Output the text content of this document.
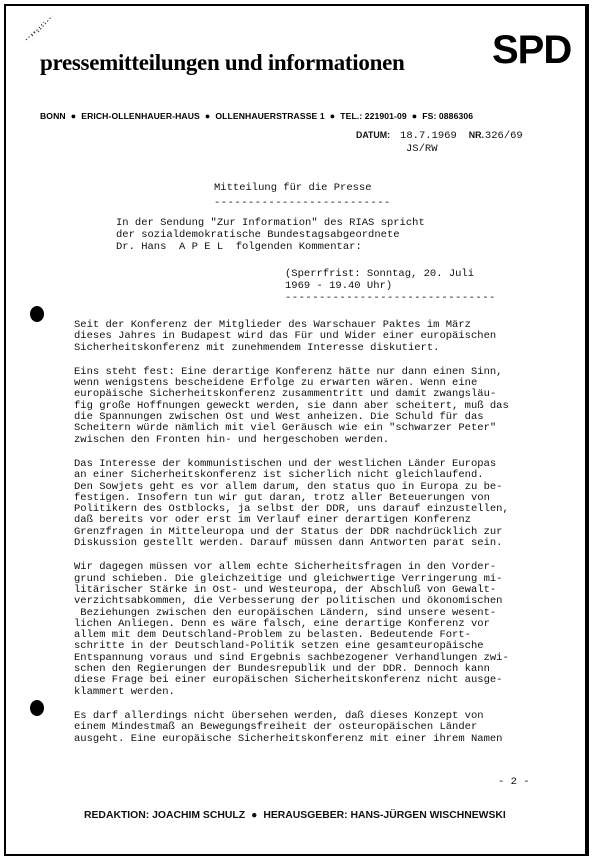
pressemitteilungen und informationen SPD
BONN ● ERICH-OLLENHAUER-HAUS ● OLLENHAUERSTRASSE 1 ● TEL.: 221901-09 ● FS: 0886306
DATUM: 18.7.1969 NR.326/69
JS/RW
Mitteilung für die Presse
--------------------------
In der Sendung "Zur Information" des RIAS spricht
der sozialdemokratische Bundestagsabgeordnete
Dr. Hans  A P E L  folgenden Kommentar:
(Sperrfrist: Sonntag, 20. Juli
1969 - 19.40 Uhr)
-------------------------------

Seit der Konferenz der Mitglieder des Warschauer Paktes im März
dieses Jahres in Budapest wird das Für und Wider einer europäischen
Sicherheitskonferenz mit zunehmendem Interesse diskutiert.

Eins steht fest: Eine derartige Konferenz hätte nur dann einen Sinn,
wenn wenigstens bescheidene Erfolge zu erwarten wären. Wenn eine
europäische Sicherheitskonferenz zusammentritt und damit zwangsläu-
fig große Hoffnungen geweckt werden, sie dann aber scheitert, muß das
die Spannungen zwischen Ost und West anheizen. Die Schuld für das
Scheitern würde nämlich mit viel Geräusch wie ein "schwarzer Peter"
zwischen den Fronten hin- und hergeschoben werden.

Das Interesse der kommunistischen und der westlichen Länder Europas
an einer Sicherheitskonferenz ist sicherlich nicht gleichlaufend.
Den Sowjets geht es vor allem darum, den status quo in Europa zu be-
festigen. Insofern tun wir gut daran, trotz aller Beteuerungen von
Politikern des Ostblocks, ja selbst der DDR, uns darauf einzustellen,
daß bereits vor oder erst im Verlauf einer derartigen Konferenz
Grenzfragen in Mitteleuropa und der Status der DDR nachdrücklich zur
Diskussion gestellt werden. Darauf müssen dann Antworten parat sein.

Wir dagegen müssen vor allem echte Sicherheitsfragen in den Vorder-
grund schieben. Die gleichzeitige und gleichwertige Verringerung mi-
litärischer Stärke in Ost- und Westeuropa, der Abschluß von Gewalt-
verzichtsabkommen, die Verbesserung der politischen und ökonomischen
Beziehungen zwischen den europäischen Ländern, sind unsere wesent-
lichen Anliegen. Denn es wäre falsch, eine derartige Konferenz vor
allem mit dem Deutschland-Problem zu belasten. Bedeutende Fort-
schritte in der Deutschland-Politik setzen eine gesamteuropäische
Entspannung voraus und sind Ergebnis sachbezogener Verhandlungen zwi-
schen den Regierungen der Bundesrepublik und der DDR. Dennoch kann
diese Frage bei einer europäischen Sicherheitskonferenz nicht ausge-
klammert werden.

Es darf allerdings nicht übersehen werden, daß dieses Konzept von
einem Mindestmaß an Bewegungsfreiheit der osteuropäischen Länder
ausgeht. Eine europäische Sicherheitskonferenz mit einer ihrem Namen

- 2 -
REDAKTION: JOACHIM SCHULZ ● HERAUSGEBER: HANS-JÜRGEN WISCHNEWSKI
